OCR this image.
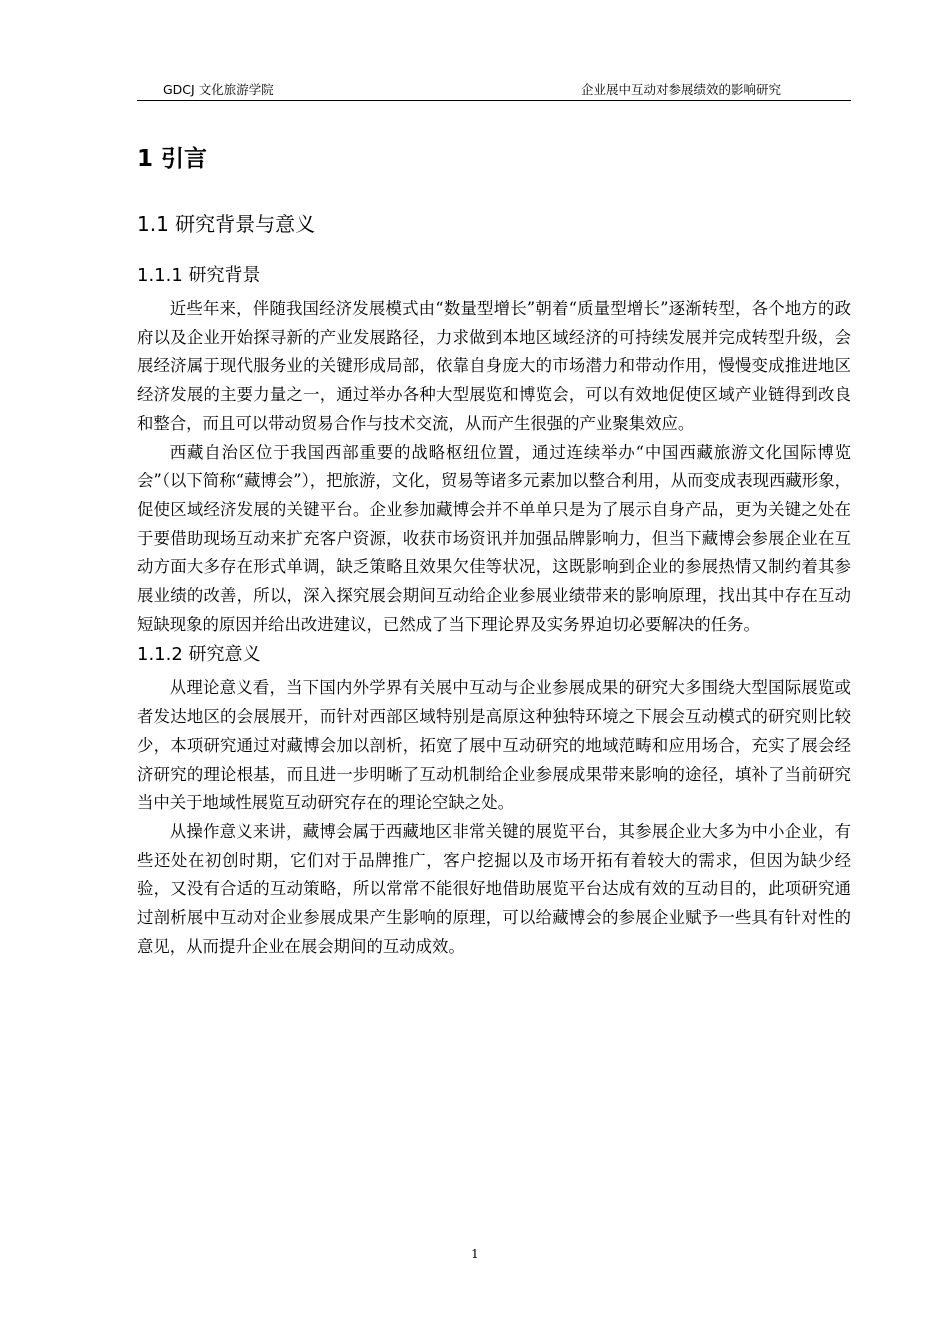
GDCJ 文化旅游学院	企业展中互动对参展绩效的影响研究
1 引言
1.1 研究背景与意义
1.1.1 研究背景

近些年来，伴随我国经济发展模式由“数量型增长”朝着“质量型增长”逐渐转型，各个地方的政府以及企业开始探寻新的产业发展路径，力求做到本地区域经济的可持续发展并完成转型升级，会展经济属于现代服务业的关键形成局部，依靠自身庞大的市场潜力和带动作用，慢慢变成推进地区经济发展的主要力量之一，通过举办各种大型展览和博览会，可以有效地促使区域产业链得到改良和整合，而且可以带动贸易合作与技术交流，从而产生很强的产业聚集效应。

西藏自治区位于我国西部重要的战略枢纽位置，通过连续举办“中国西藏旅游文化国际博览会”（以下简称“藏博会”），把旅游，文化，贸易等诸多元素加以整合利用，从而变成表现西藏形象，促使区域经济发展的关键平台。企业参加藏博会并不单单只是为了展示自身产品，更为关键之处在于要借助现场互动来扩充客户资源，收获市场资讯并加强品牌影响力，但当下藏博会参展企业在互动方面大多存在形式单调，缺乏策略且效果欠佳等状况，这既影响到企业的参展热情又制约着其参展业绩的改善，所以，深入探究展会期间互动给企业参展业绩带来的影响原理，找出其中存在互动短缺现象的原因并给出改进建议，已然成了当下理论界及实务界迫切必要解决的任务。

1.1.2 研究意义

从理论意义看，当下国内外学界有关展中互动与企业参展成果的研究大多围绕大型国际展览或者发达地区的会展展开，而针对西部区域特别是高原这种独特环境之下展会互动模式的研究则比较少，本项研究通过对藏博会加以剖析，拓宽了展中互动研究的地域范畴和应用场合，充实了展会经济研究的理论根基，而且进一步明晰了互动机制给企业参展成果带来影响的途径，填补了当前研究当中关于地域性展览互动研究存在的理论空缺之处。

从操作意义来讲，藏博会属于西藏地区非常关键的展览平台，其参展企业大多为中小企业，有些还处在初创时期，它们对于品牌推广，客户挖掘以及市场开拓有着较大的需求，但因为缺少经验，又没有合适的互动策略，所以常常不能很好地借助展览平台达成有效的互动目的，此项研究通过剖析展中互动对企业参展成果产生影响的原理，可以给藏博会的参展企业赋予一些具有针对性的意见，从而提升企业在展会期间的互动成效。

1
